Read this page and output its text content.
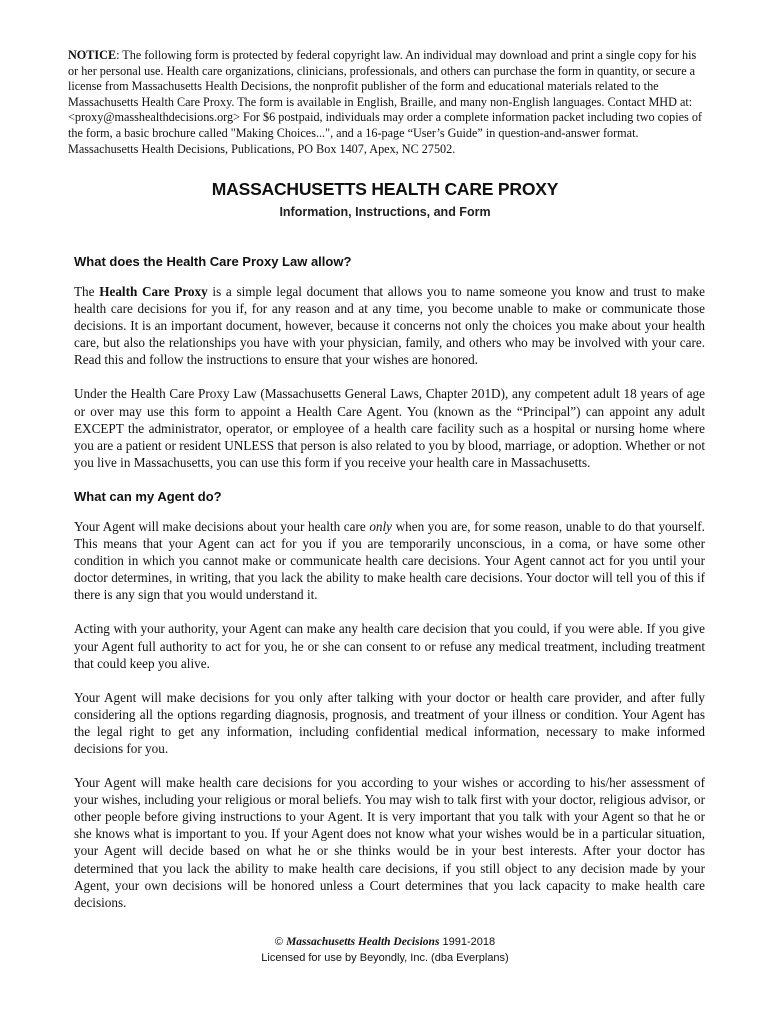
NOTICE: The following form is protected by federal copyright law. An individual may download and print a single copy for his or her personal use. Health care organizations, clinicians, professionals, and others can purchase the form in quantity, or secure a license from Massachusetts Health Decisions, the nonprofit publisher of the form and educational materials related to the Massachusetts Health Care Proxy. The form is available in English, Braille, and many non-English languages. Contact MHD at: <proxy@masshealthdecisions.org> For $6 postpaid, individuals may order a complete information packet including two copies of the form, a basic brochure called "Making Choices...", and a 16-page “User’s Guide” in question-and-answer format. Massachusetts Health Decisions, Publications, PO Box 1407, Apex, NC 27502.
MASSACHUSETTS HEALTH CARE PROXY
Information, Instructions, and Form
What does the Health Care Proxy Law allow?

The Health Care Proxy is a simple legal document that allows you to name someone you know and trust to make health care decisions for you if, for any reason and at any time, you become unable to make or communicate those decisions. It is an important document, however, because it concerns not only the choices you make about your health care, but also the relationships you have with your physician, family, and others who may be involved with your care. Read this and follow the instructions to ensure that your wishes are honored.

Under the Health Care Proxy Law (Massachusetts General Laws, Chapter 201D), any competent adult 18 years of age or over may use this form to appoint a Health Care Agent. You (known as the “Principal”) can appoint any adult EXCEPT the administrator, operator, or employee of a health care facility such as a hospital or nursing home where you are a patient or resident UNLESS that person is also related to you by blood, marriage, or adoption. Whether or not you live in Massachusetts, you can use this form if you receive your health care in Massachusetts.

What can my Agent do?

Your Agent will make decisions about your health care only when you are, for some reason, unable to do that yourself. This means that your Agent can act for you if you are temporarily unconscious, in a coma, or have some other condition in which you cannot make or communicate health care decisions. Your Agent cannot act for you until your doctor determines, in writing, that you lack the ability to make health care decisions. Your doctor will tell you of this if there is any sign that you would understand it.

Acting with your authority, your Agent can make any health care decision that you could, if you were able. If you give your Agent full authority to act for you, he or she can consent to or refuse any medical treatment, including treatment that could keep you alive.

Your Agent will make decisions for you only after talking with your doctor or health care provider, and after fully considering all the options regarding diagnosis, prognosis, and treatment of your illness or condition. Your Agent has the legal right to get any information, including confidential medical information, necessary to make informed decisions for you.

Your Agent will make health care decisions for you according to your wishes or according to his/her assessment of your wishes, including your religious or moral beliefs. You may wish to talk first with your doctor, religious advisor, or other people before giving instructions to your Agent. It is very important that you talk with your Agent so that he or she knows what is important to you. If your Agent does not know what your wishes would be in a particular situation, your Agent will decide based on what he or she thinks would be in your best interests. After your doctor has determined that you lack the ability to make health care decisions, if you still object to any decision made by your Agent, your own decisions will be honored unless a Court determines that you lack capacity to make health care decisions.

© Massachusetts Health Decisions 1991-2018
Licensed for use by Beyondly, Inc. (dba Everplans)
